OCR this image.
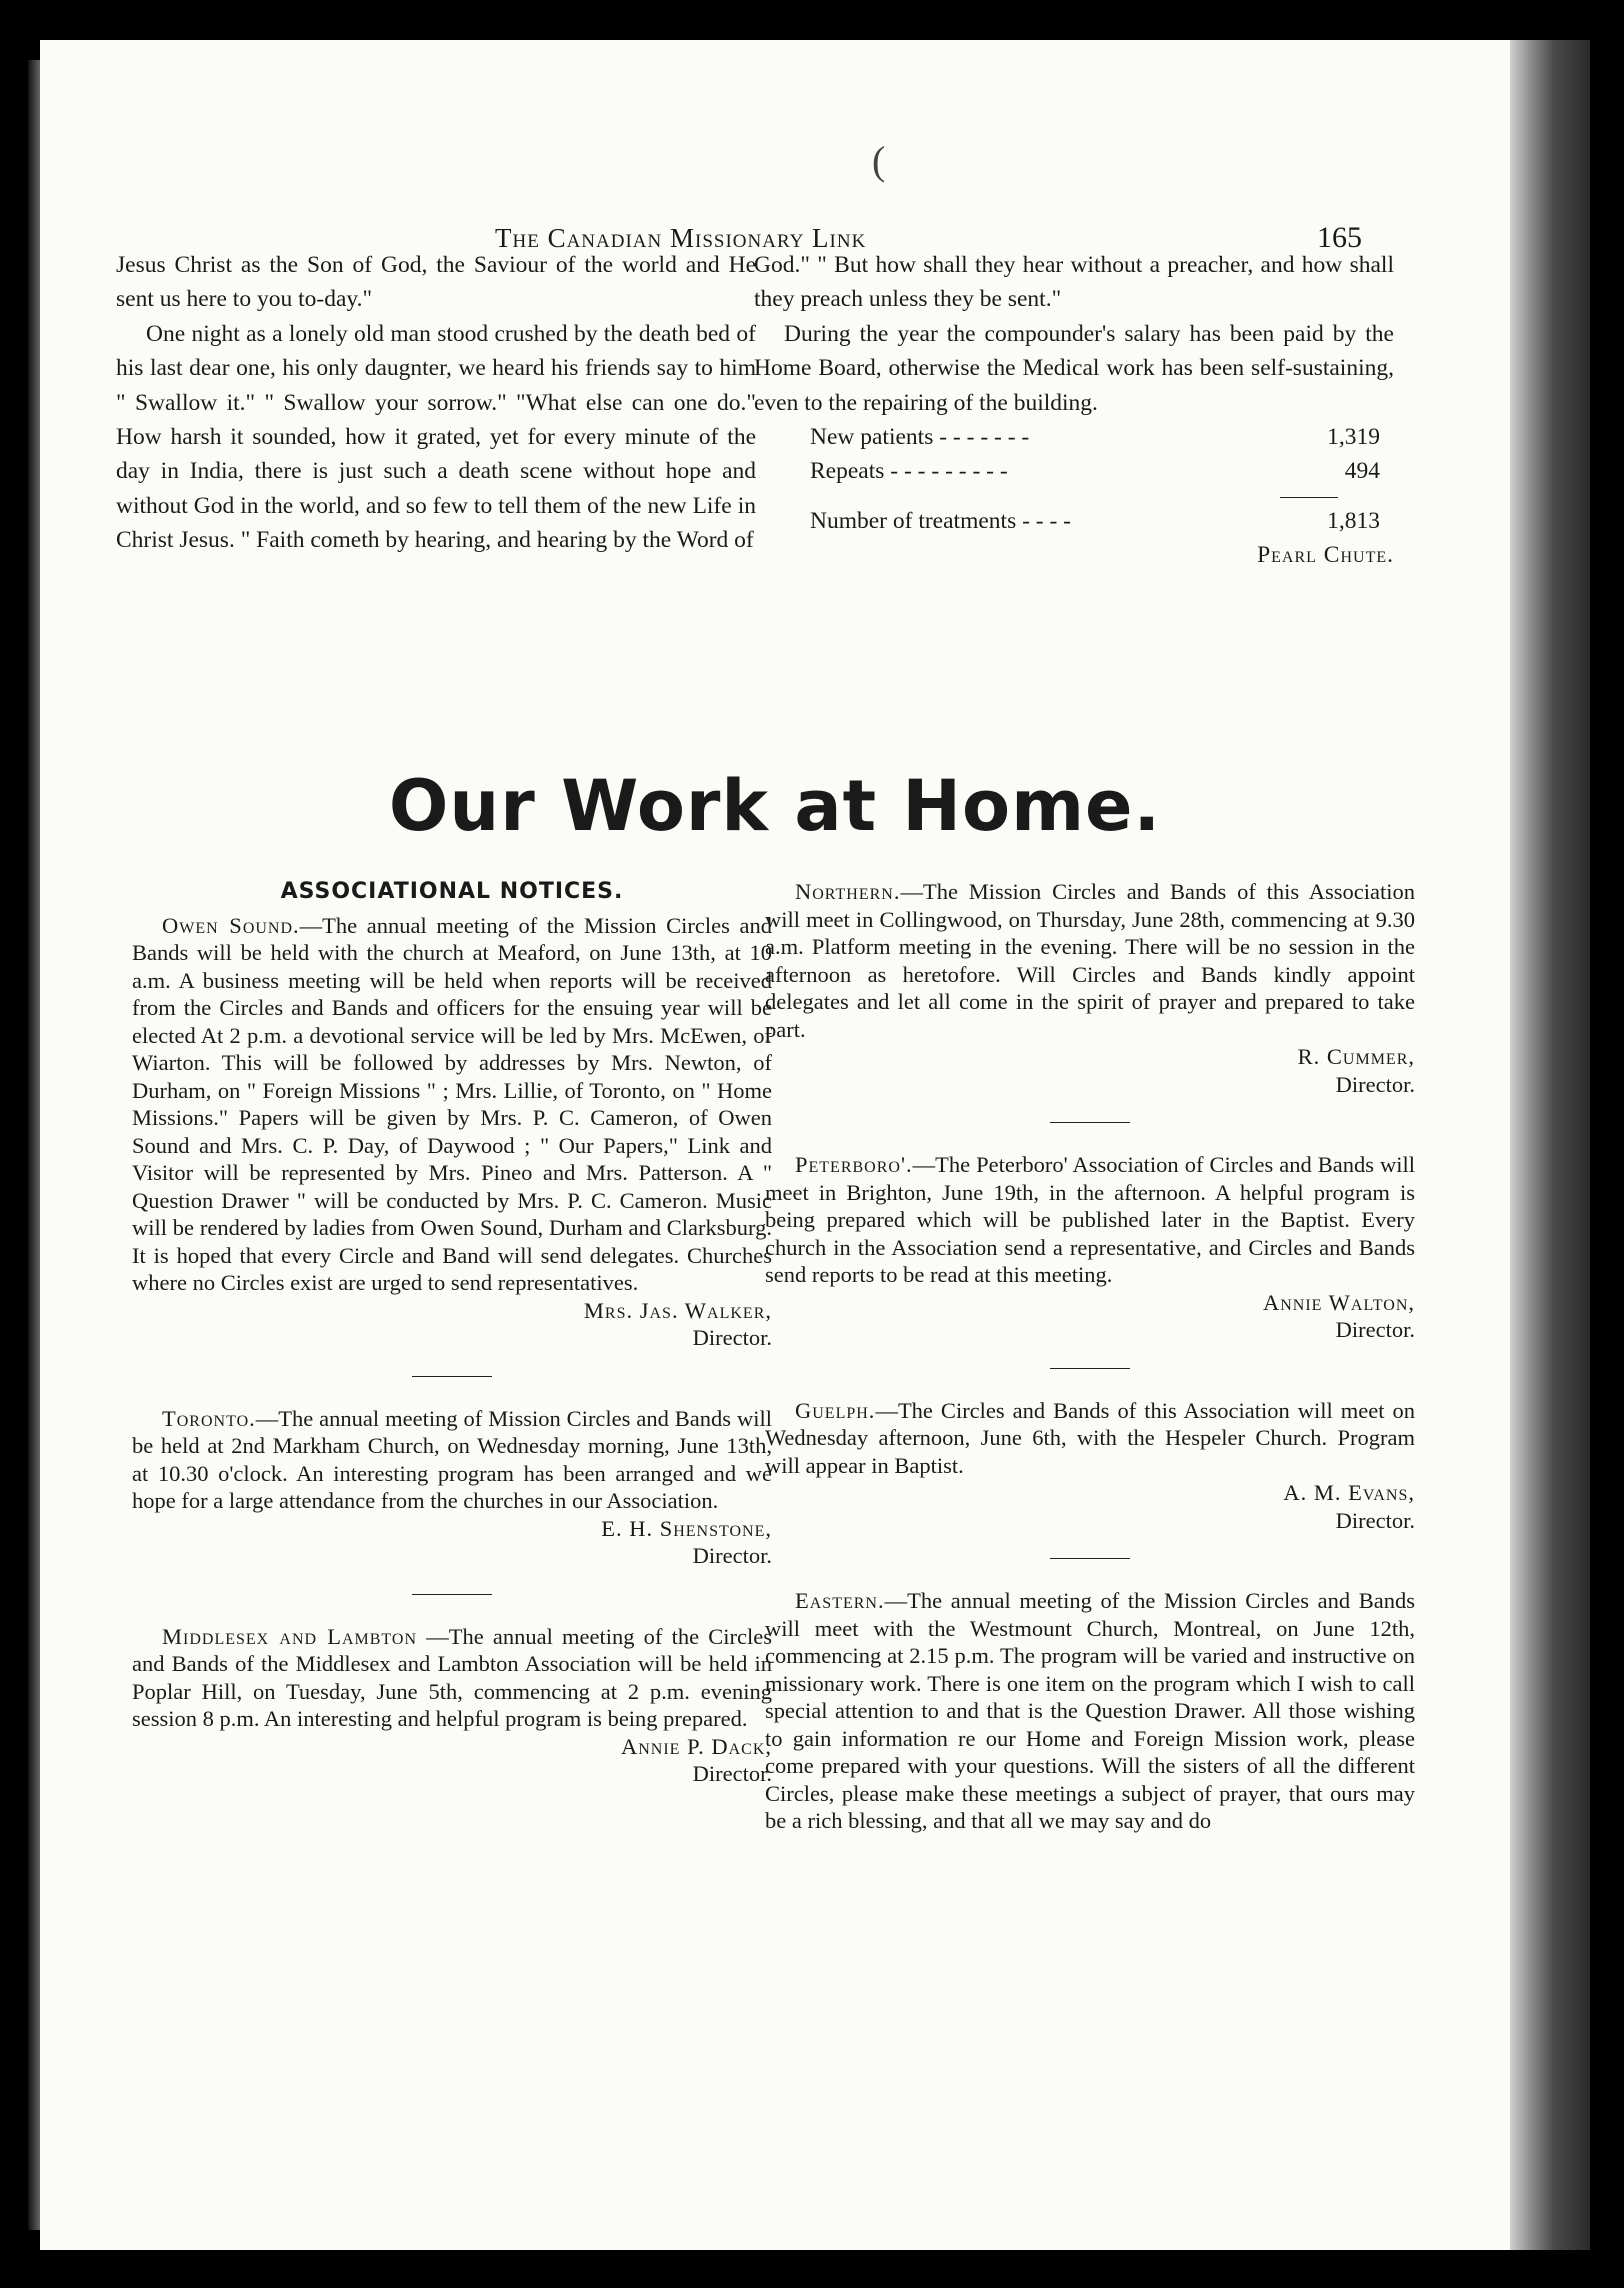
(
The Canadian Missionary Link	165

Jesus Christ as the Son of God, the Saviour of the world and He sent us here to you to-day."

One night as a lonely old man stood crushed by the death bed of his last dear one, his only daugnter, we heard his friends say to him " Swallow it." " Swallow your sorrow." "What else can one do." How harsh it sounded, how it grated, yet for every minute of the day in India, there is just such a death scene without hope and without God in the world, and so few to tell them of the new Life in Christ Jesus. " Faith cometh by hearing, and hearing by the Word of

God." " But how shall they hear without a preacher, and how shall they preach unless they be sent."

During the year the compounder's salary has been paid by the Home Board, otherwise the Medical work has been self-sustaining, even to the repairing of the building.

New patients - - - - - - -	1,319
Repeats - - - - - - - - -	494
Number of treatments - - - -	1,813
Pearl Chute.
Our Work at Home.
ASSOCIATIONAL NOTICES.

Owen Sound.—The annual meeting of the Mission Circles and Bands will be held with the church at Meaford, on June 13th, at 10 a.m. A business meeting will be held when reports will be received from the Circles and Bands and officers for the ensuing year will be elected At 2 p.m. a devotional service will be led by Mrs. McEwen, of Wiarton. This will be followed by addresses by Mrs. Newton, of Durham, on " Foreign Missions " ; Mrs. Lillie, of Toronto, on " Home Missions." Papers will be given by Mrs. P. C. Cameron, of Owen Sound and Mrs. C. P. Day, of Daywood ; " Our Papers," Link and Visitor will be represented by Mrs. Pineo and Mrs. Patterson. A " Question Drawer " will be conducted by Mrs. P. C. Cameron. Music will be rendered by ladies from Owen Sound, Durham and Clarksburg. It is hoped that every Circle and Band will send delegates. Churches where no Circles exist are urged to send representatives.

Mrs. Jas. Walker,
Director.

Toronto.—The annual meeting of Mission Circles and Bands will be held at 2nd Markham Church, on Wednesday morning, June 13th, at 10.30 o'clock. An interesting program has been arranged and we hope for a large attendance from the churches in our Association.

E. H. Shenstone,
Director.

Middlesex and Lambton —The annual meeting of the Circles and Bands of the Middlesex and Lambton Association will be held in Poplar Hill, on Tuesday, June 5th, commencing at 2 p.m. evening session 8 p.m. An interesting and helpful program is being prepared.

Annie P. Dack,
Director.

Northern.—The Mission Circles and Bands of this Association will meet in Collingwood, on Thursday, June 28th, commencing at 9.30 a.m. Platform meeting in the evening. There will be no session in the afternoon as heretofore. Will Circles and Bands kindly appoint delegates and let all come in the spirit of prayer and prepared to take part.

R. Cummer,
Director.

Peterboro'.—The Peterboro' Association of Circles and Bands will meet in Brighton, June 19th, in the afternoon. A helpful program is being prepared which will be published later in the Baptist. Every church in the Association send a representative, and Circles and Bands send reports to be read at this meeting.

Annie Walton,
Director.

Guelph.—The Circles and Bands of this Association will meet on Wednesday afternoon, June 6th, with the Hespeler Church. Program will appear in Baptist.

A. M. Evans,
Director.

Eastern.—The annual meeting of the Mission Circles and Bands will meet with the Westmount Church, Montreal, on June 12th, commencing at 2.15 p.m. The program will be varied and instructive on missionary work. There is one item on the program which I wish to call special attention to and that is the Question Drawer. All those wishing to gain information re our Home and Foreign Mission work, please come prepared with your questions. Will the sisters of all the different Circles, please make these meetings a subject of prayer, that ours may be a rich blessing, and that all we may say and do
